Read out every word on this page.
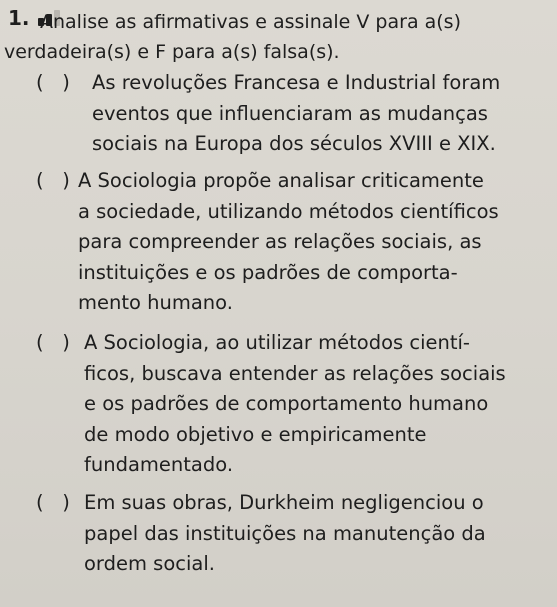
1. Analise as afirmativas e assinale V para a(s)
verdadeira(s) e F para a(s) falsa(s).
(   )	As revoluções Francesa e Industrial foram
eventos que influenciaram as mudanças
sociais na Europa dos séculos XVIII e XIX.
(   ) A Sociologia propõe analisar criticamente
a sociedade, utilizando métodos científicos
para compreender as relações sociais, as
instituições e os padrões de comporta-
mento humano.
(   ) A Sociologia, ao utilizar métodos cientí-
ficos, buscava entender as relações sociais
e os padrões de comportamento humano
de modo objetivo e empiricamente
fundamentado.
(   ) Em suas obras, Durkheim negligenciou o
papel das instituições na manutenção da
ordem social.
